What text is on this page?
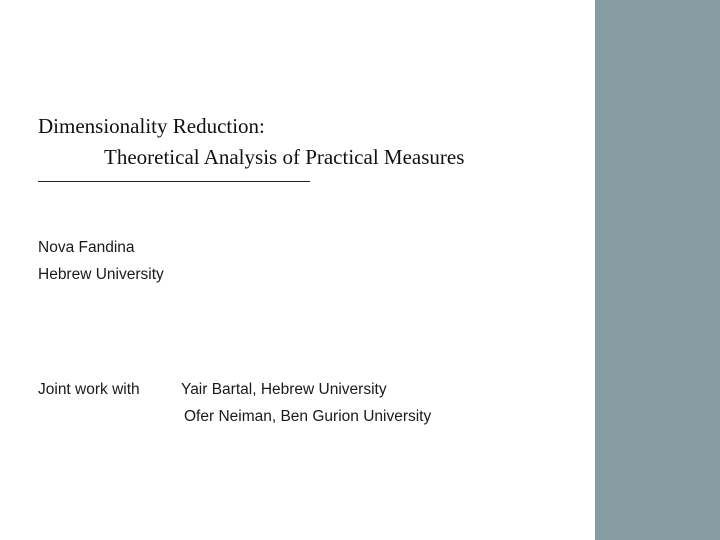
Dimensionality Reduction:
Theoretical Analysis of Practical Measures
Nova Fandina
Hebrew University
Joint work with	Yair Bartal, Hebrew University
Ofer Neiman, Ben Gurion University
